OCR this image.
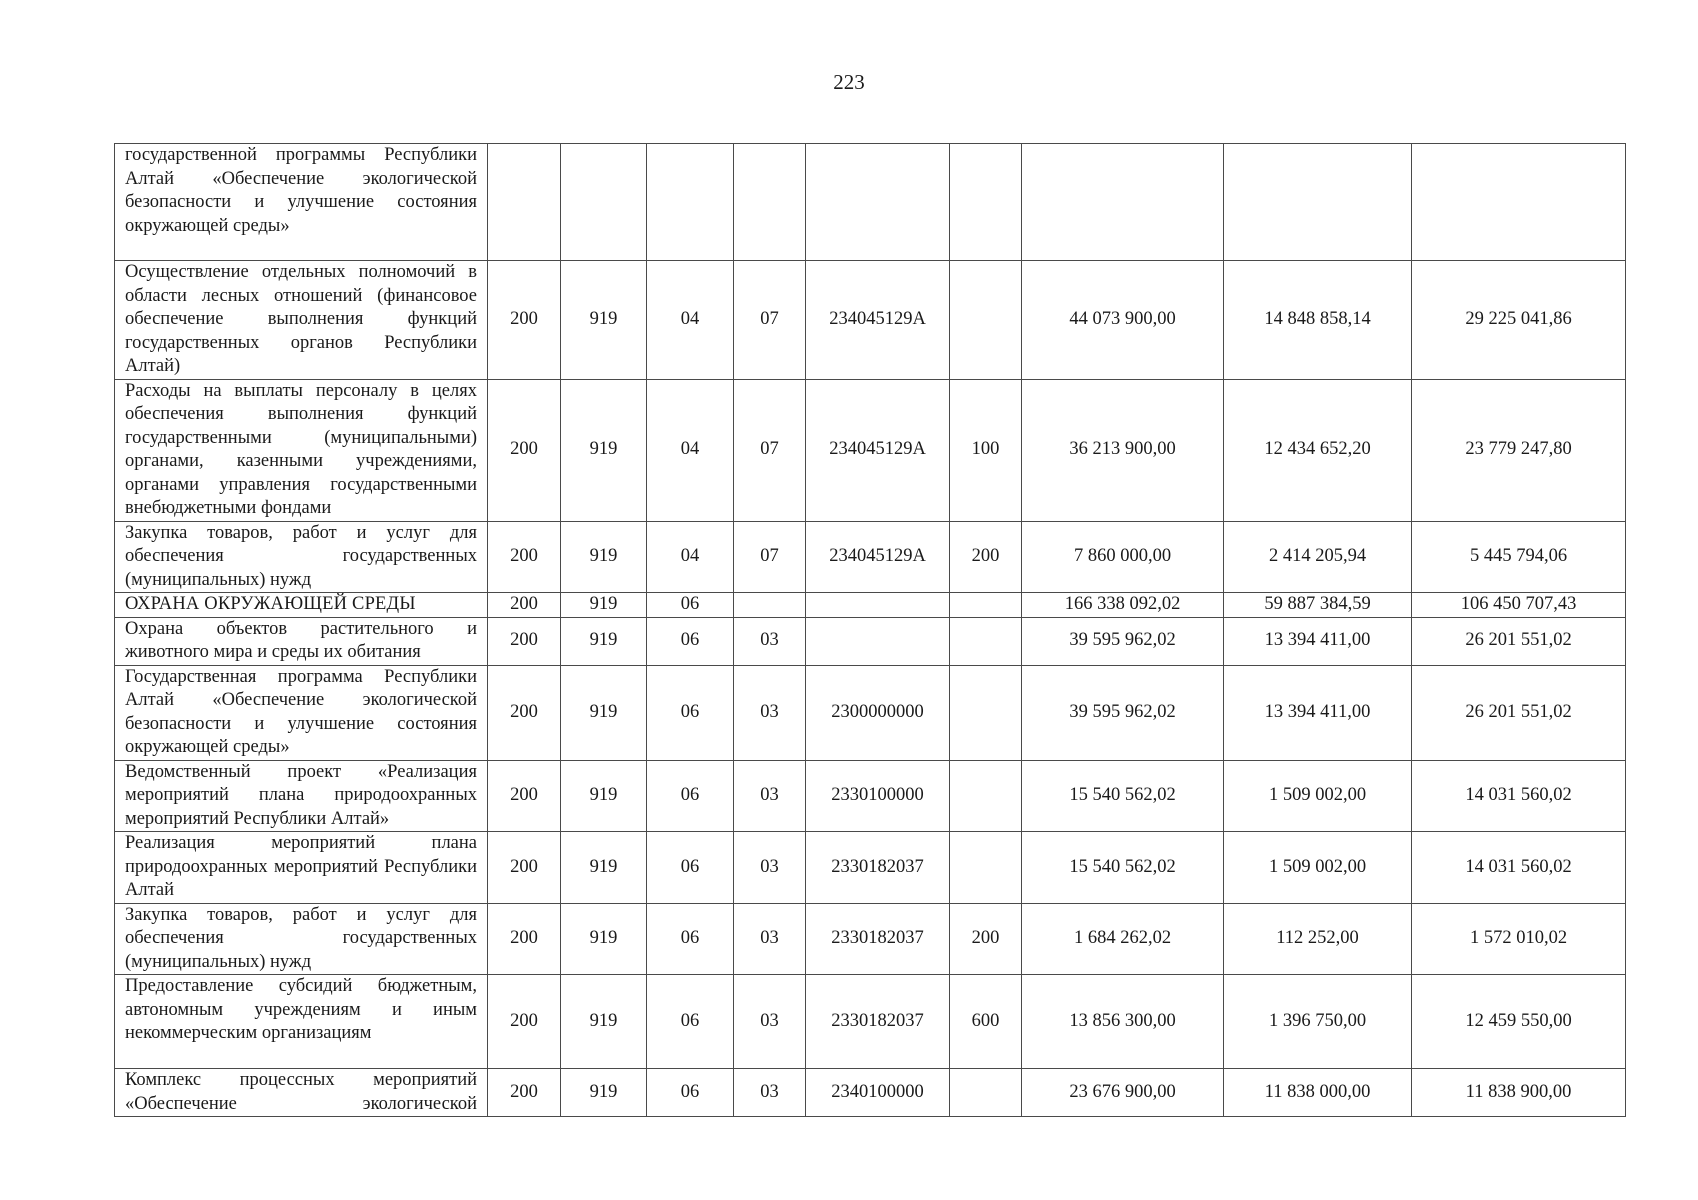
223
государственной программы Республики Алтай «Обеспечение экологической безопасности и улучшение состояния окружающей среды»									
Осуществление отдельных полномочий в области лесных отношений (финансовое обеспечение выполнения функций государственных органов Республики Алтай)	200	919	04	07	234045129А		44 073 900,00	14 848 858,14	29 225 041,86
Расходы на выплаты персоналу в целях обеспечения выполнения функций государственными (муниципальными) органами, казенными учреждениями, органами управления государственными внебюджетными фондами	200	919	04	07	234045129А	100	36 213 900,00	12 434 652,20	23 779 247,80
Закупка товаров, работ и услуг для обеспечения государственных (муниципальных) нужд	200	919	04	07	234045129А	200	7 860 000,00	2 414 205,94	5 445 794,06
ОХРАНА ОКРУЖАЮЩЕЙ СРЕДЫ	200	919	06				166 338 092,02	59 887 384,59	106 450 707,43
Охрана объектов растительного и животного мира и среды их обитания	200	919	06	03			39 595 962,02	13 394 411,00	26 201 551,02
Государственная программа Республики Алтай «Обеспечение экологической безопасности и улучшение состояния окружающей среды»	200	919	06	03	2300000000		39 595 962,02	13 394 411,00	26 201 551,02
Ведомственный проект «Реализация мероприятий плана природоохранных мероприятий Республики Алтай»	200	919	06	03	2330100000		15 540 562,02	1 509 002,00	14 031 560,02
Реализация мероприятий плана природоохранных мероприятий Республики Алтай	200	919	06	03	2330182037		15 540 562,02	1 509 002,00	14 031 560,02
Закупка товаров, работ и услуг для обеспечения государственных (муниципальных) нужд	200	919	06	03	2330182037	200	1 684 262,02	112 252,00	1 572 010,02
Предоставление субсидий бюджетным, автономным учреждениям и иным некоммерческим организациям	200	919	06	03	2330182037	600	13 856 300,00	1 396 750,00	12 459 550,00
Комплекс процессных мероприятий «Обеспечение экологической	200	919	06	03	2340100000		23 676 900,00	11 838 000,00	11 838 900,00
